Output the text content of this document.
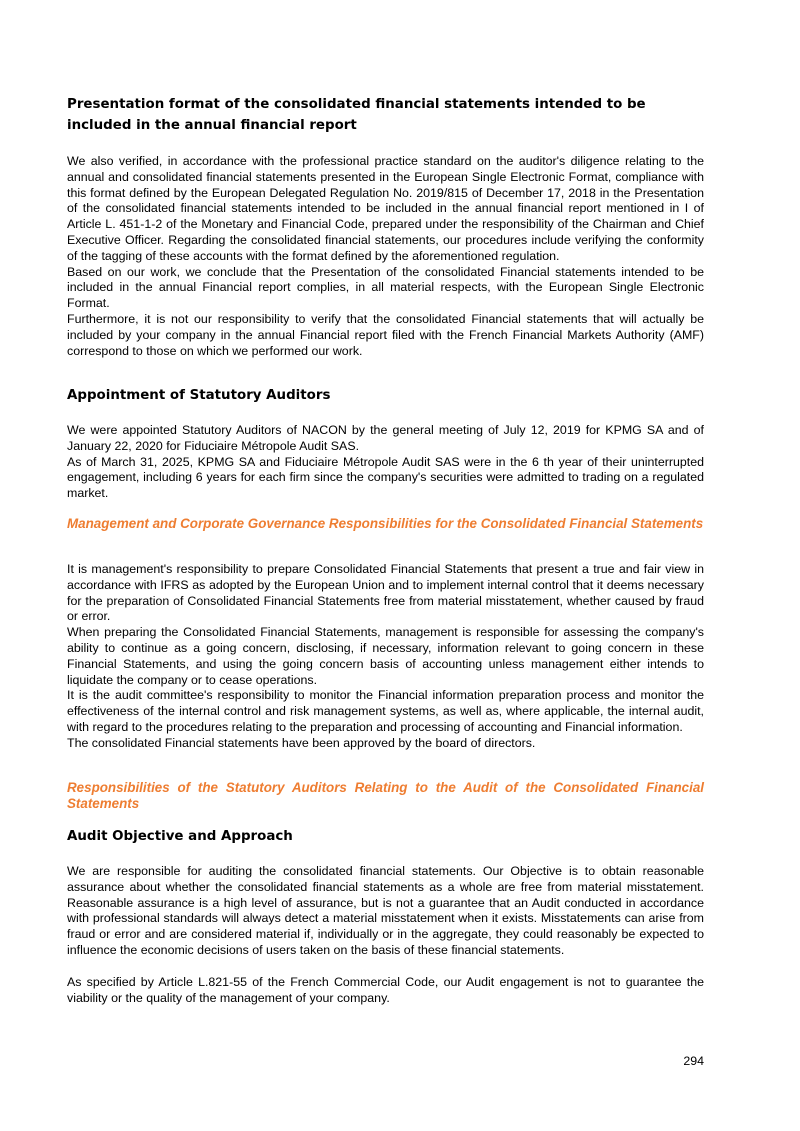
Presentation format of the consolidated financial statements intended to be included in the annual financial report

We also verified, in accordance with the professional practice standard on the auditor's diligence relating to the annual and consolidated financial statements presented in the European Single Electronic Format, compliance with this format defined by the European Delegated Regulation No. 2019/815 of December 17, 2018 in the Presentation of the consolidated financial statements intended to be included in the annual financial report mentioned in I of Article L. 451-1-2 of the Monetary and Financial Code, prepared under the responsibility of the Chairman and Chief Executive Officer. Regarding the consolidated financial statements, our procedures include verifying the conformity of the tagging of these accounts with the format defined by the aforementioned regulation.

Based on our work, we conclude that the Presentation of the consolidated Financial statements intended to be included in the annual Financial report complies, in all material respects, with the European Single Electronic Format.

Furthermore, it is not our responsibility to verify that the consolidated Financial statements that will actually be included by your company in the annual Financial report filed with the French Financial Markets Authority (AMF) correspond to those on which we performed our work.

Appointment of Statutory Auditors

We were appointed Statutory Auditors of NACON by the general meeting of July 12, 2019 for KPMG SA and of January 22, 2020 for Fiduciaire Métropole Audit SAS.

As of March 31, 2025, KPMG SA and Fiduciaire Métropole Audit SAS were in the 6 th year of their uninterrupted engagement, including 6 years for each firm since the company's securities were admitted to trading on a regulated market.

Management and Corporate Governance Responsibilities for the Consolidated Financial Statements

It is management's responsibility to prepare Consolidated Financial Statements that present a true and fair view in accordance with IFRS as adopted by the European Union and to implement internal control that it deems necessary for the preparation of Consolidated Financial Statements free from material misstatement, whether caused by fraud or error.

When preparing the Consolidated Financial Statements, management is responsible for assessing the company's ability to continue as a going concern, disclosing, if necessary, information relevant to going concern in these Financial Statements, and using the going concern basis of accounting unless management either intends to liquidate the company or to cease operations.

It is the audit committee's responsibility to monitor the Financial information preparation process and monitor the effectiveness of the internal control and risk management systems, as well as, where applicable, the internal audit, with regard to the procedures relating to the preparation and processing of accounting and Financial information.

The consolidated Financial statements have been approved by the board of directors.

Responsibilities of the Statutory Auditors Relating to the Audit of the Consolidated Financial Statements
Audit Objective and Approach

We are responsible for auditing the consolidated financial statements. Our Objective is to obtain reasonable assurance about whether the consolidated financial statements as a whole are free from material misstatement. Reasonable assurance is a high level of assurance, but is not a guarantee that an Audit conducted in accordance with professional standards will always detect a material misstatement when it exists. Misstatements can arise from fraud or error and are considered material if, individually or in the aggregate, they could reasonably be expected to influence the economic decisions of users taken on the basis of these financial statements.

As specified by Article L.821-55 of the French Commercial Code, our Audit engagement is not to guarantee the viability or the quality of the management of your company.

294
